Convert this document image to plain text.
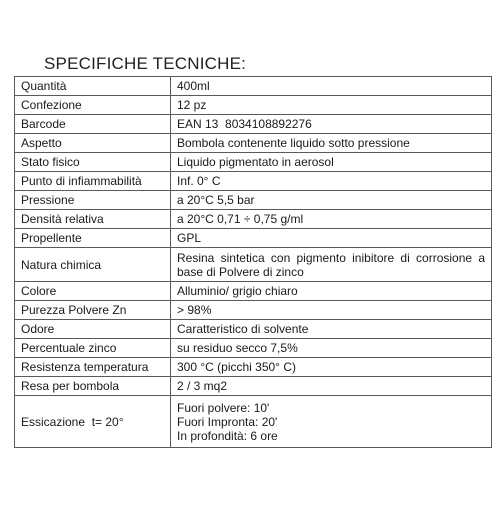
SPECIFICHE TECNICHE:
Quantità	400ml
Confezione	12 pz
Barcode	EAN 13  8034108892276
Aspetto	Bombola contenente liquido sotto pressione
Stato fisico	Liquido pigmentato in aerosol
Punto di infiammabilità	Inf. 0° C
Pressione	a 20°C 5,5 bar
Densità relativa	a 20°C 0,71 ÷ 0,75 g/ml
Propellente	GPL
Natura chimica	Resina sintetica con pigmento inibitore di corrosione a base di Polvere di zinco
Colore	Alluminio/ grigio chiaro
Purezza Polvere Zn	> 98%
Odore	Caratteristico di solvente
Percentuale zinco	su residuo secco 7,5%
Resistenza temperatura	300 °C (picchi 350° C)
Resa per bombola	2 / 3 mq2
Essicazione  t= 20°	Fuori polvere: 10'
Fuori Impronta: 20'
In profondità: 6 ore
